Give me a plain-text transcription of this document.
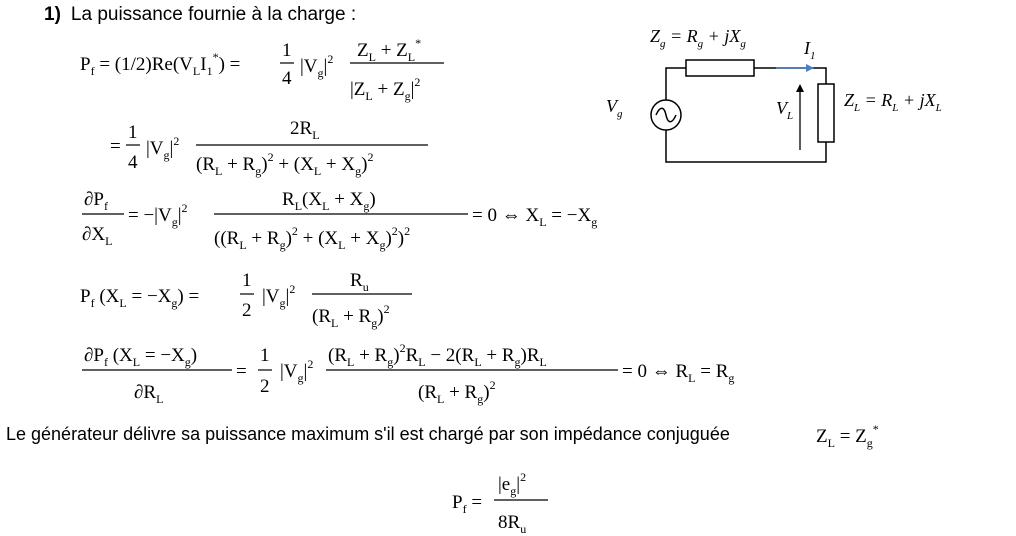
1) La puissance fournie à la charge :
$P_f = (1/2)Re(V_LI_1^*)$ =
1
4
$|V_g|^2$ $Z_L + Z_L^*$
$|Z_L + Z_g|^2$
=
1
4
$|V_g|^2$
$2R_L$
$(R_L + R_g)^2 + (X_L + X_g)^2$
$\partial P_f$
$\partial X_L$
= $-|V_g|^2$	$R_L(X_L + X_g)$
$((R_L + R_g)^2 + (X_L + X_g)^2)^2$
= 0 ⇔ $X_L = -X_g$
$P_f$ $(X_L = -X_g)$ =
1
2
$|V_g|^2$	$R_u$
$(R_L + R_g)^2$
$\partial P_f$ $(X_L = -X_g)$
$\partial R_L$
=
1
2
$|V_g|^2$ $(R_L + R_g)^2R_L - 2(R_L + R_g)R_L$
$(R_L + R_g)^2$
= 0 ⇔ $R_L = R_g$
$Z_L = Z_g^*$
$P_f$ =
$|e_g|^2$
$8R_u$
Le générateur délivre sa puissance maximum s'il est chargé par son impédance conjuguée
$Z_g = R_g + jX_g$	$I_1$
$V_g$	$V_L$
$Z_L = R_L + jX_L$
